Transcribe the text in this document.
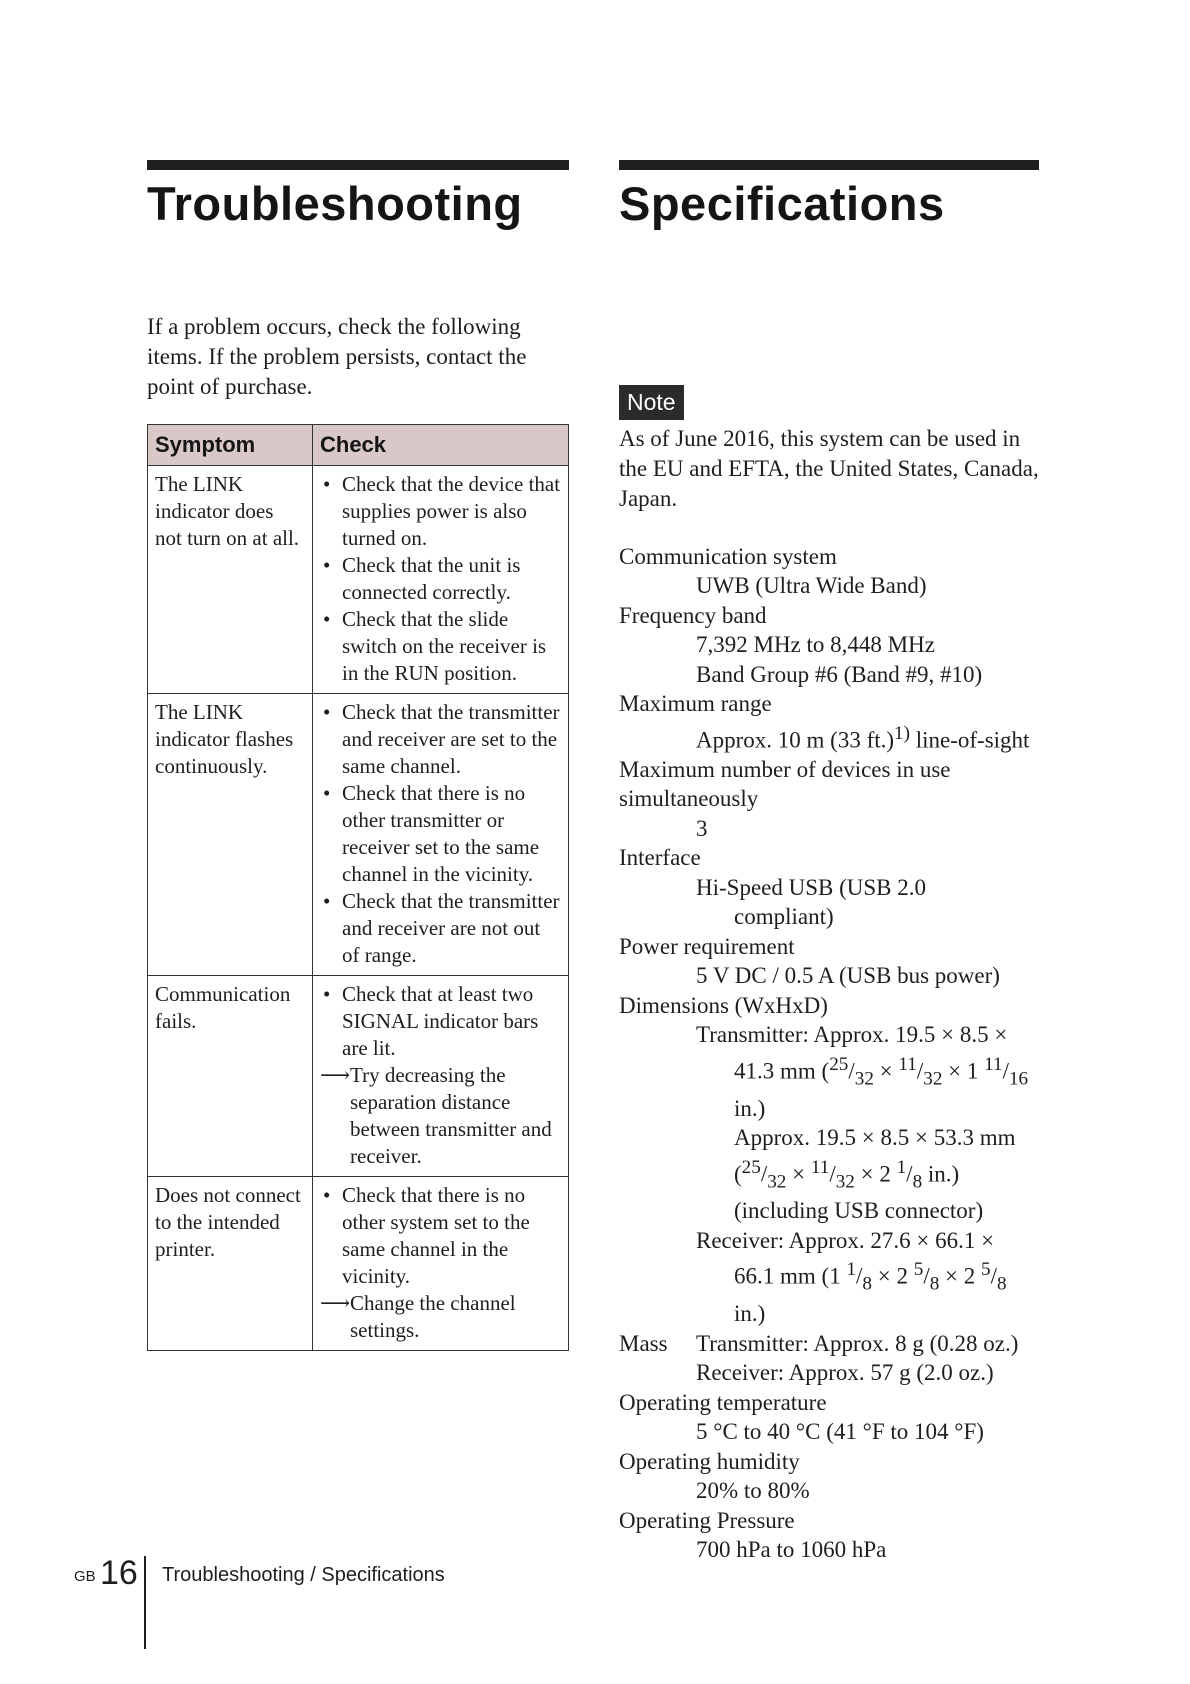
Troubleshooting
If a problem occurs, check the following items. If the problem persists, contact the point of purchase.
Symptom	Check
The LINK indicator does not turn on at all.	• Check that the device that supplies power is also turned on.
• Check that the unit is connected correctly.
• Check that the slide switch on the receiver is in the RUN position.

The LINK indicator flashes continuously.	• Check that the transmitter and receiver are set to the same channel.
• Check that there is no other transmitter or receiver set to the same channel in the vicinity.
• Check that the transmitter and receiver are not out of range.

Communication fails.	• Check that at least two SIGNAL indicator bars are lit.
⟶ Try decreasing the separation distance between transmitter and receiver.

Does not connect to the intended printer.	• Check that there is no other system set to the same channel in the vicinity.
⟶ Change the channel settings.
Specifications
Note
As of June 2016, this system can be used in the EU and EFTA, the United States, Canada, Japan.
Communication system
UWB (Ultra Wide Band)
Frequency band
7,392 MHz to 8,448 MHz
Band Group #6 (Band #9, #10)
Maximum range
Approx. 10 m (33 ft.)$^{1)}$ line-of-sight
Maximum number of devices in use
simultaneously
3
Interface
Hi-Speed USB (USB 2.0
compliant)
Power requirement
5 V DC / 0.5 A (USB bus power)
Dimensions (WxHxD)
Transmitter: Approx. 19.5 × 8.5 ×
41.3 mm ($^{25}/_{32} \times ^{11}/_{32} \times 1$ $^{11}/_{16}$
in.)
Approx. 19.5 × 8.5 × 53.3 mm
($^{25}/_{32} \times ^{11}/_{32} \times 2$ $^1/_8$ in.)
(including USB connector)
Receiver: Approx. 27.6 × 66.1 ×
66.1 mm (1 $^1/_8 \times 2$ $^5/_8 \times 2$ $^5/_8$
in.)
Mass	Transmitter: Approx. 8 g (0.28 oz.)
Receiver: Approx. 57 g (2.0 oz.)
Operating temperature
5 °C to 40 °C (41 °F to 104 °F)
Operating humidity
20% to 80%
Operating Pressure
700 hPa to 1060 hPa
GB 16 Troubleshooting / Specifications
